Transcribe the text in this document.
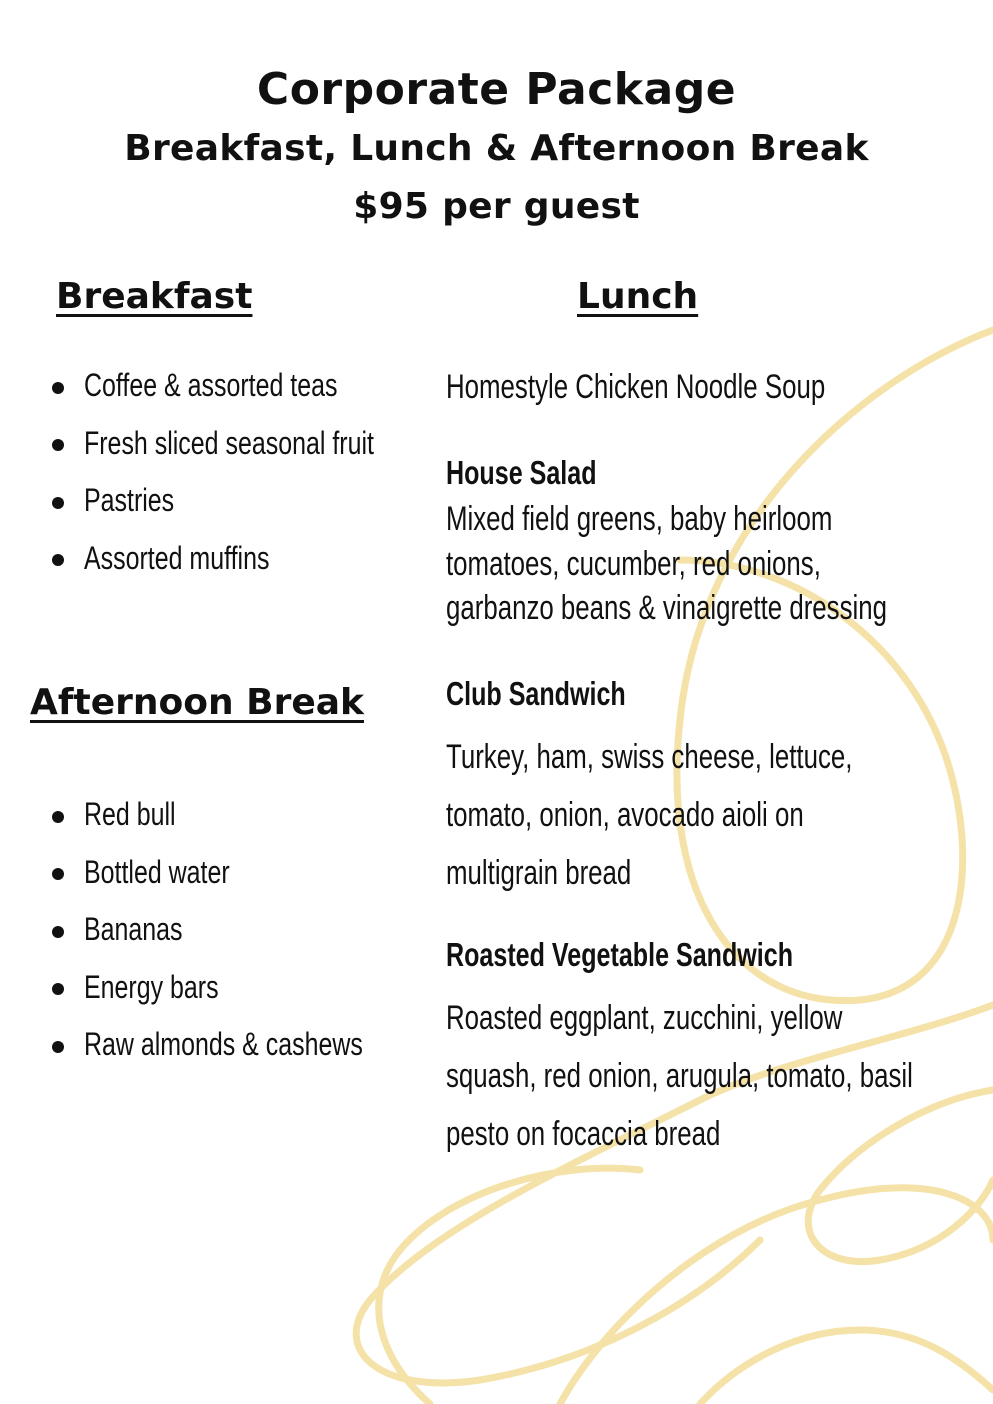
Corporate Package
Breakfast, Lunch & Afternoon Break
$95 per guest
Breakfast
Coffee & assorted teas
Fresh sliced seasonal fruit
Pastries
Assorted muffins
Afternoon Break
Red bull
Bottled water
Bananas
Energy bars
Raw almonds & cashews
Lunch

Homestyle Chicken Noodle Soup

House Salad

Mixed field greens, baby heirloom
tomatoes, cucumber, red onions,
garbanzo beans & vinaigrette dressing

Club Sandwich

Turkey, ham, swiss cheese, lettuce,
tomato, onion, avocado aioli on
multigrain bread

Roasted Vegetable Sandwich

Roasted eggplant, zucchini, yellow
squash, red onion, arugula, tomato, basil
pesto on focaccia bread
